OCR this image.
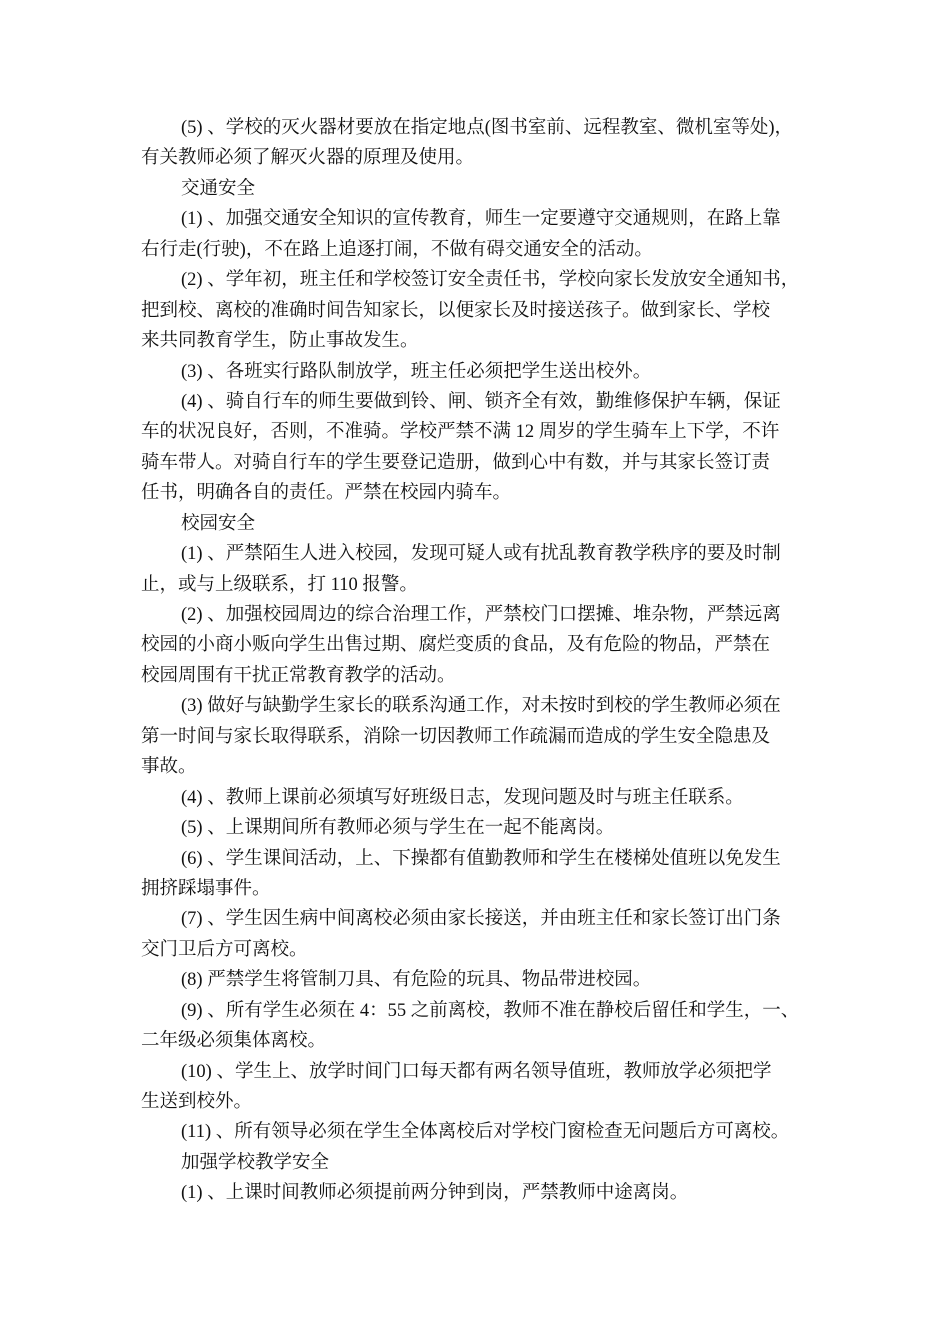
(5) 、学校的灭火器材要放在指定地点(图书室前、远程教室、微机室等处)，
有关教师必须了解灭火器的原理及使用。
交通安全
(1) 、加强交通安全知识的宣传教育，师生一定要遵守交通规则，在路上靠
右行走(行驶)，不在路上追逐打闹，不做有碍交通安全的活动。
(2) 、学年初，班主任和学校签订安全责任书，学校向家长发放安全通知书，
把到校、离校的准确时间告知家长，以便家长及时接送孩子。做到家长、学校
来共同教育学生，防止事故发生。
(3) 、各班实行路队制放学，班主任必须把学生送出校外。
(4) 、骑自行车的师生要做到铃、闸、锁齐全有效，勤维修保护车辆，保证
车的状况良好，否则，不准骑。学校严禁不满 12 周岁的学生骑车上下学，不许
骑车带人。对骑自行车的学生要登记造册，做到心中有数，并与其家长签订责
任书，明确各自的责任。严禁在校园内骑车。
校园安全
(1) 、严禁陌生人进入校园，发现可疑人或有扰乱教育教学秩序的要及时制
止，或与上级联系，打 110 报警。
(2) 、加强校园周边的综合治理工作，严禁校门口摆摊、堆杂物，严禁远离
校园的小商小贩向学生出售过期、腐烂变质的食品，及有危险的物品，严禁在
校园周围有干扰正常教育教学的活动。
(3) 做好与缺勤学生家长的联系沟通工作，对未按时到校的学生教师必须在
第一时间与家长取得联系，消除一切因教师工作疏漏而造成的学生安全隐患及
事故。
(4) 、教师上课前必须填写好班级日志，发现问题及时与班主任联系。
(5) 、上课期间所有教师必须与学生在一起不能离岗。
(6) 、学生课间活动，上、下操都有值勤教师和学生在楼梯处值班以免发生
拥挤踩塌事件。
(7) 、学生因生病中间离校必须由家长接送，并由班主任和家长签订出门条
交门卫后方可离校。
(8) 严禁学生将管制刀具、有危险的玩具、物品带进校园。
(9) 、所有学生必须在 4：55 之前离校，教师不准在静校后留任和学生，一、
二年级必须集体离校。
(10) 、学生上、放学时间门口每天都有两名领导值班，教师放学必须把学
生送到校外。
(11) 、所有领导必须在学生全体离校后对学校门窗检查无问题后方可离校。
加强学校教学安全
(1) 、上课时间教师必须提前两分钟到岗，严禁教师中途离岗。
